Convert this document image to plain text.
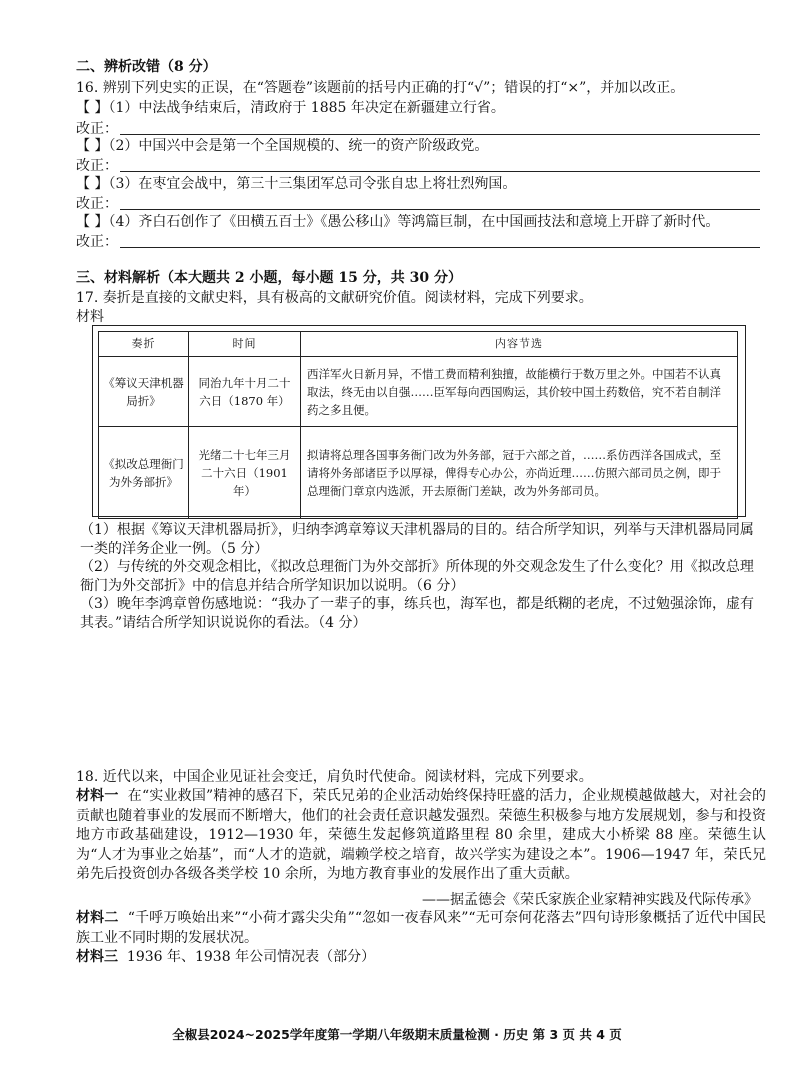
二、辨析改错（8 分）
16. 辨别下列史实的正误，在“答题卷”该题前的括号内正确的打“√”；错误的打“×”，并加以改正。
【 】（1）中法战争结束后，清政府于 1885 年决定在新疆建立行省。
改正：
【 】（2）中国兴中会是第一个全国规模的、统一的资产阶级政党。
改正：
【 】（3）在枣宜会战中，第三十三集团军总司令张自忠上将壮烈殉国。
改正：
【 】（4）齐白石创作了《田横五百士》《愚公移山》等鸿篇巨制，在中国画技法和意境上开辟了新时代。
改正：
三、材料解析（本大题共 2 小题，每小题 15 分，共 30 分）
17. 奏折是直接的文献史料，具有极高的文献研究价值。阅读材料，完成下列要求。
材料
奏折	时间	内容节选
《筹议天津机器局折》	同治九年十月二十六日（1870 年）	西洋军火日新月异，不惜工费而精利独擅，故能横行于数万里之外。中国若不认真取法，终无由以自强……臣军每向西国购运，其价较中国土药数倍，究不若自制洋药之多且便。
《拟改总理衙门为外务部折》	光绪二十七年三月二十六日（1901 年）	拟请将总理各国事务衙门改为外务部，冠于六部之首，……系仿西洋各国成式，至请将外务部诸臣予以厚禄，俾得专心办公，亦尚近理……仿照六部司员之例，即于总理衙门章京内选派，开去原衙门差缺，改为外务部司员。
（1）根据《筹议天津机器局折》，归纳李鸿章筹议天津机器局的目的。结合所学知识，列举与天津机器局同属一类的洋务企业一例。（5 分）
（2）与传统的外交观念相比，《拟改总理衙门为外交部折》所体现的外交观念发生了什么变化？用《拟改总理衙门为外交部折》中的信息并结合所学知识加以说明。（6 分）
（3）晚年李鸿章曾伤感地说：“我办了一辈子的事，练兵也，海军也，都是纸糊的老虎，不过勉强涂饰，虚有其表。”请结合所学知识说说你的看法。（4 分）
18. 近代以来，中国企业见证社会变迁，肩负时代使命。阅读材料，完成下列要求。
材料一 在“实业救国”精神的感召下，荣氏兄弟的企业活动始终保持旺盛的活力，企业规模越做越大，对社会的贡献也随着事业的发展而不断增大，他们的社会责任意识越发强烈。荣德生积极参与地方发展规划，参与和投资地方市政基础建设，1912—1930 年，荣德生发起修筑道路里程 80 余里，建成大小桥梁 88 座。荣德生认为“人才为事业之始基”，而“人才的造就，端赖学校之培育，故兴学实为建设之本”。1906—1947 年，荣氏兄弟先后投资创办各级各类学校 10 余所，为地方教育事业的发展作出了重大贡献。
——据孟德会《荣氏家族企业家精神实践及代际传承》
材料二 “千呼万唤始出来”“小荷才露尖尖角”“忽如一夜春风来”“无可奈何花落去”四句诗形象概括了近代中国民族工业不同时期的发展状况。
材料三 1936 年、1938 年公司情况表（部分）
全椒县2024~2025学年度第一学期八年级期末质量检测 · 历史 第 3 页 共 4 页
